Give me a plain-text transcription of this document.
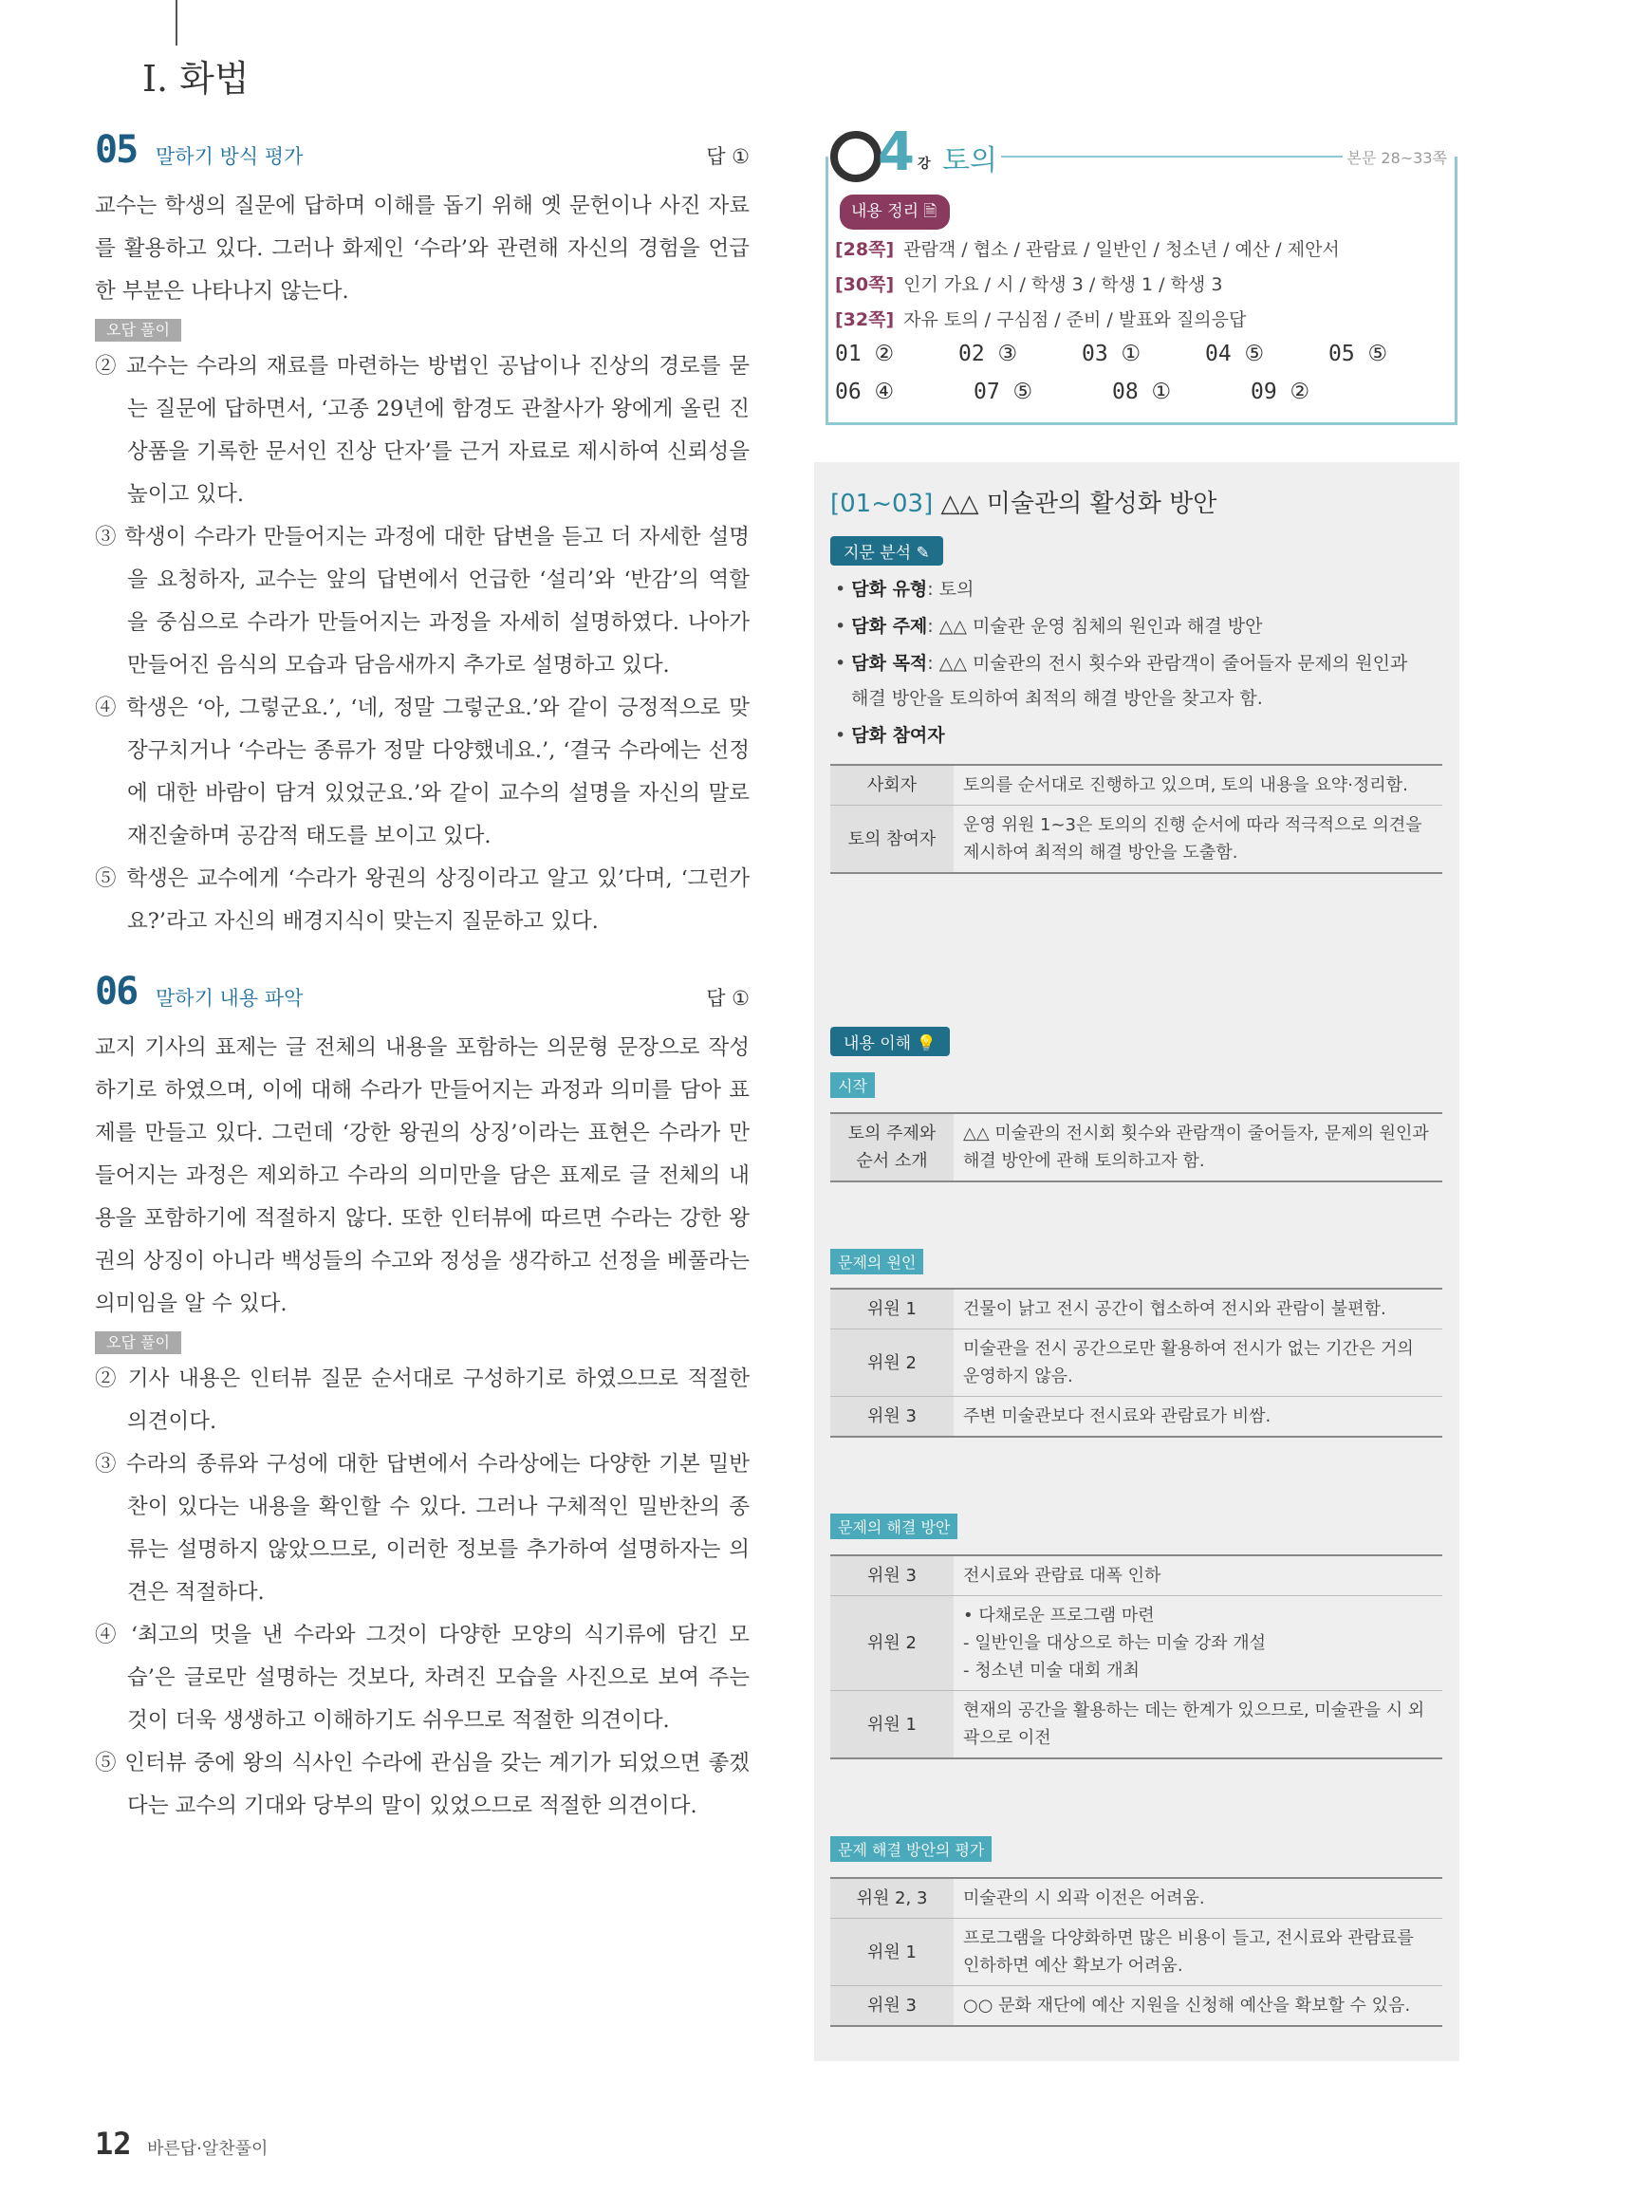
I. 화법
05 말하기 방식 평가	답 ①
교수는 학생의 질문에 답하며 이해를 돕기 위해 옛 문헌이나 사진 자료를 활용하고 있다. 그러나 화제인 ‘수라’와 관련해 자신의 경험을 언급한 부분은 나타나지 않는다.
오답 풀이
② 교수는 수라의 재료를 마련하는 방법인 공납이나 진상의 경로를 묻는 질문에 답하면서, ‘고종 29년에 함경도 관찰사가 왕에게 올린 진상품을 기록한 문서인 진상 단자’를 근거 자료로 제시하여 신뢰성을 높이고 있다.
③ 학생이 수라가 만들어지는 과정에 대한 답변을 듣고 더 자세한 설명을 요청하자, 교수는 앞의 답변에서 언급한 ‘설리’와 ‘반감’의 역할을 중심으로 수라가 만들어지는 과정을 자세히 설명하였다. 나아가 만들어진 음식의 모습과 담음새까지 추가로 설명하고 있다.
④ 학생은 ‘아, 그렇군요.’, ‘네, 정말 그렇군요.’와 같이 긍정적으로 맞장구치거나 ‘수라는 종류가 정말 다양했네요.’, ‘결국 수라에는 선정에 대한 바람이 담겨 있었군요.’와 같이 교수의 설명을 자신의 말로 재진술하며 공감적 태도를 보이고 있다.
⑤ 학생은 교수에게 ‘수라가 왕권의 상징이라고 알고 있’다며, ‘그런가요?’라고 자신의 배경지식이 맞는지 질문하고 있다.
06 말하기 내용 파악	답 ①
교지 기사의 표제는 글 전체의 내용을 포함하는 의문형 문장으로 작성하기로 하였으며, 이에 대해 수라가 만들어지는 과정과 의미를 담아 표제를 만들고 있다. 그런데 ‘강한 왕권의 상징’이라는 표현은 수라가 만들어지는 과정은 제외하고 수라의 의미만을 담은 표제로 글 전체의 내용을 포함하기에 적절하지 않다. 또한 인터뷰에 따르면 수라는 강한 왕권의 상징이 아니라 백성들의 수고와 정성을 생각하고 선정을 베풀라는 의미임을 알 수 있다.
오답 풀이
② 기사 내용은 인터뷰 질문 순서대로 구성하기로 하였으므로 적절한 의견이다.
③ 수라의 종류와 구성에 대한 답변에서 수라상에는 다양한 기본 밀반찬이 있다는 내용을 확인할 수 있다. 그러나 구체적인 밀반찬의 종류는 설명하지 않았으므로, 이러한 정보를 추가하여 설명하자는 의견은 적절하다.
④ ‘최고의 멋을 낸 수라와 그것이 다양한 모양의 식기류에 담긴 모습’은 글로만 설명하는 것보다, 차려진 모습을 사진으로 보여 주는 것이 더욱 생생하고 이해하기도 쉬우므로 적절한 의견이다.
⑤ 인터뷰 중에 왕의 식사인 수라에 관심을 갖는 계기가 되었으면 좋겠다는 교수의 기대와 당부의 말이 있었으므로 적절한 의견이다.
4 강 토의	본문 28~33쪽
내용 정리 🗎
[28쪽] 관람객 / 협소 / 관람료 / 일반인 / 청소년 / 예산 / 제안서
[30쪽] 인기 가요 / 시 / 학생 3 / 학생 1 / 학생 3
[32쪽] 자유 토의 / 구심점 / 준비 / 발표와 질의응답
01 ②	02 ③	03 ①	04 ⑤	05 ⑤
06 ④	07 ⑤	08 ①	09 ②
[01~03] △△ 미술관의 활성화 방안
지문 분석 ✎
• 담화 유형: 토의
• 담화 주제: △△ 미술관 운영 침체의 원인과 해결 방안
• 담화 목적: △△ 미술관의 전시 횟수와 관람객이 줄어들자 문제의 원인과
해결 방안을 토의하여 최적의 해결 방안을 찾고자 함.
• 담화 참여자
사회자	토의를 순서대로 진행하고 있으며, 토의 내용을 요약·정리함.
토의 참여자	운영 위원 1~3은 토의의 진행 순서에 따라 적극적으로 의견을 제시하여 최적의 해결 방안을 도출함.
내용 이해 💡
시작
토의 주제와 순서 소개	△△ 미술관의 전시회 횟수와 관람객이 줄어들자, 문제의 원인과 해결 방안에 관해 토의하고자 함.
문제의 원인
위원 1	건물이 낡고 전시 공간이 협소하여 전시와 관람이 불편함.
위원 2	미술관을 전시 공간으로만 활용하여 전시가 없는 기간은 거의 운영하지 않음.
위원 3	주변 미술관보다 전시료와 관람료가 비쌈.
문제의 해결 방안
위원 3	전시료와 관람료 대폭 인하
위원 2	• 다채로운 프로그램 마련
- 일반인을 대상으로 하는 미술 강좌 개설
- 청소년 미술 대회 개최
위원 1	현재의 공간을 활용하는 데는 한계가 있으므로, 미술관을 시 외곽으로 이전
문제 해결 방안의 평가
위원 2, 3	미술관의 시 외곽 이전은 어려움.
위원 1	프로그램을 다양화하면 많은 비용이 들고, 전시료와 관람료를 인하하면 예산 확보가 어려움.
위원 3	○○ 문화 재단에 예산 지원을 신청해 예산을 확보할 수 있음.
12 바른답·알찬풀이
